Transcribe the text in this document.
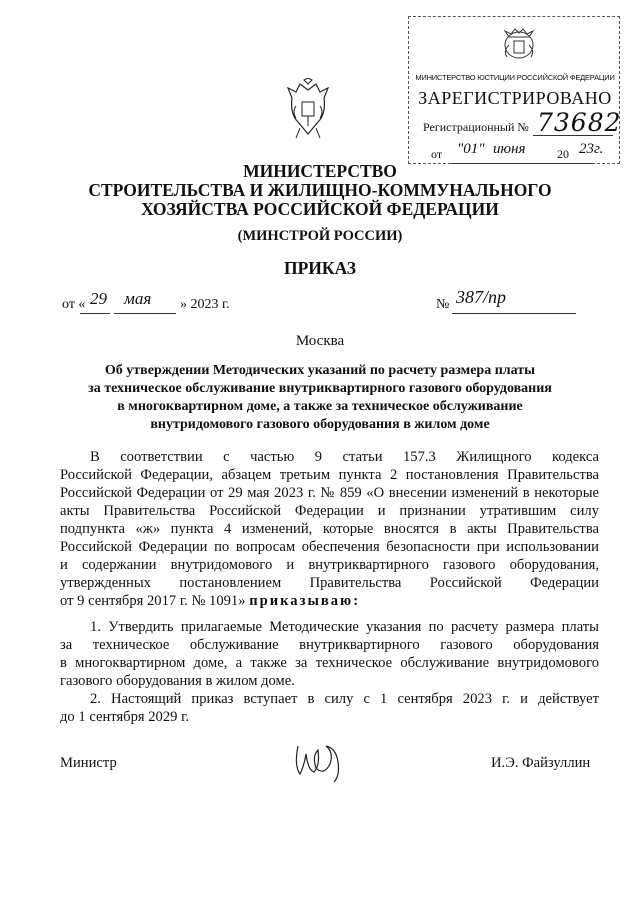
МИНИСТЕРСТВО ЮСТИЦИИ РОССИЙСКОЙ ФЕДЕРАЦИИ
ЗАРЕГИСТРИРОВАНО
Регистрационный № 73682
от "01" июня	20 23г.
МИНИСТЕРСТВО
СТРОИТЕЛЬСТВА И ЖИЛИЩНО-КОММУНАЛЬНОГО
ХОЗЯЙСТВА РОССИЙСКОЙ ФЕДЕРАЦИИ
(МИНСТРОЙ РОССИИ)
ПРИКАЗ
от « 29 мая » 2023 г.	№ 387/пр
Москва
Об утверждении Методических указаний по расчету размера платы
за техническое обслуживание внутриквартирного газового оборудования
в многоквартирном доме, а также за техническое обслуживание
внутридомового газового оборудования в жилом доме
В соответствии с частью 9 статьи 157.3 Жилищного кодекса
Российской Федерации, абзацем третьим пункта 2 постановления Правительства
Российской Федерации от 29 мая 2023 г. № 859 «О внесении изменений в некоторые
акты Правительства Российской Федерации и признании утратившим силу
подпункта «ж» пункта 4 изменений, которые вносятся в акты Правительства
Российской Федерации по вопросам обеспечения безопасности при использовании
и содержании внутридомового и внутриквартирного газового оборудования,
утвержденных постановлением Правительства Российской Федерации
от 9 сентября 2017 г. № 1091» приказываю:
1. Утвердить прилагаемые Методические указания по расчету размера платы
за техническое обслуживание внутриквартирного газового оборудования
в многоквартирном доме, а также за техническое обслуживание внутридомового
газового оборудования в жилом доме.
2. Настоящий приказ вступает в силу с 1 сентября 2023 г. и действует
до 1 сентября 2029 г.
Министр	И.Э. Файзуллин
